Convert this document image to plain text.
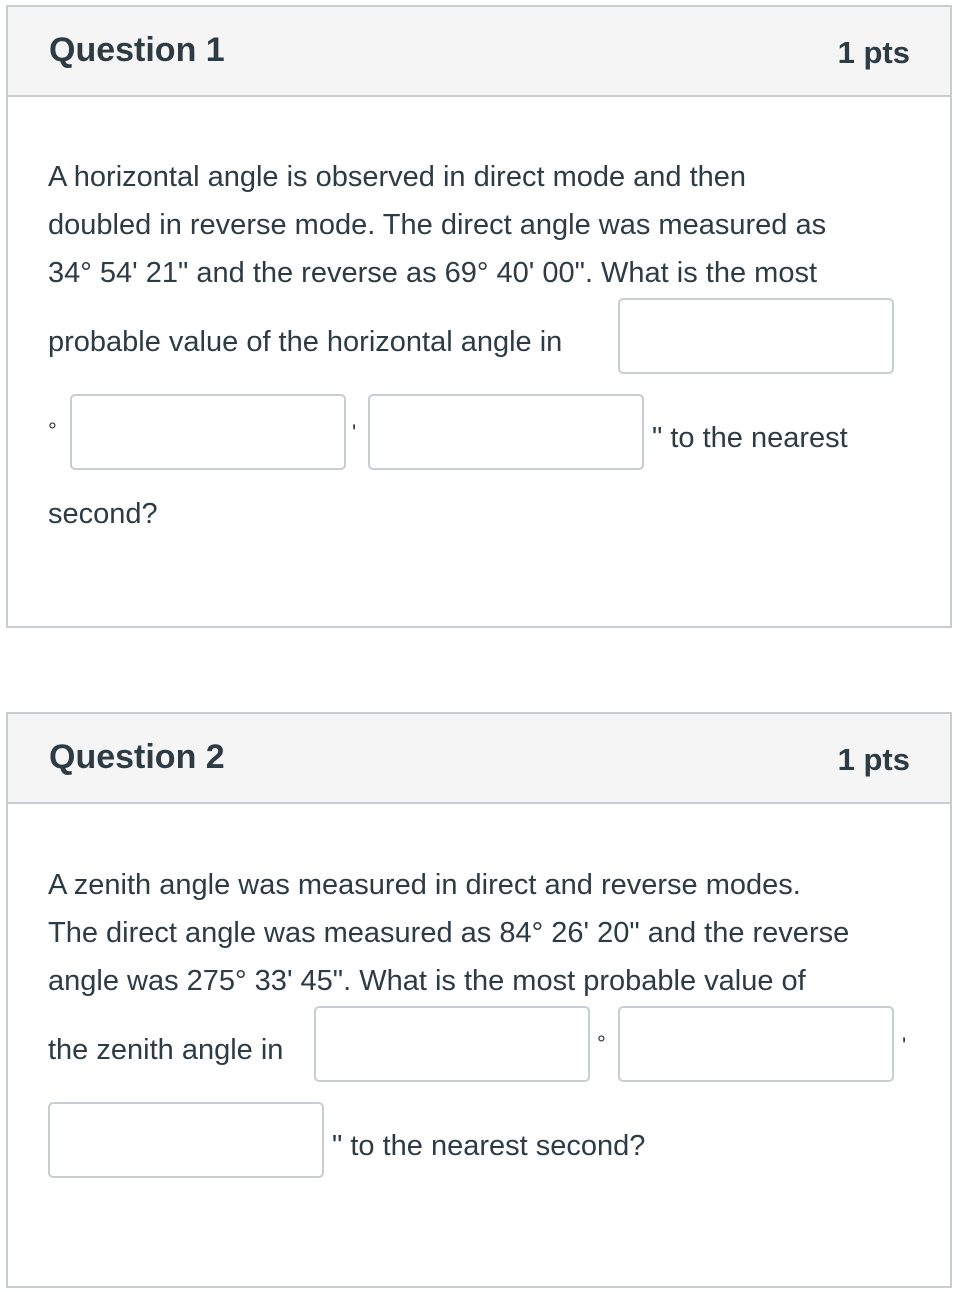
Question 1	1 pts
A horizontal angle is observed in direct mode and then
doubled in reverse mode. The direct angle was measured as
34° 54' 21" and the reverse as 69° 40' 00". What is the most
probable value of the horizontal angle in
°	'	" to the nearest
second?
Question 2	1 pts
A zenith angle was measured in direct and reverse modes.
The direct angle was measured as 84° 26' 20" and the reverse
angle was 275° 33' 45". What is the most probable value of
the zenith angle in	°	'
" to the nearest second?
